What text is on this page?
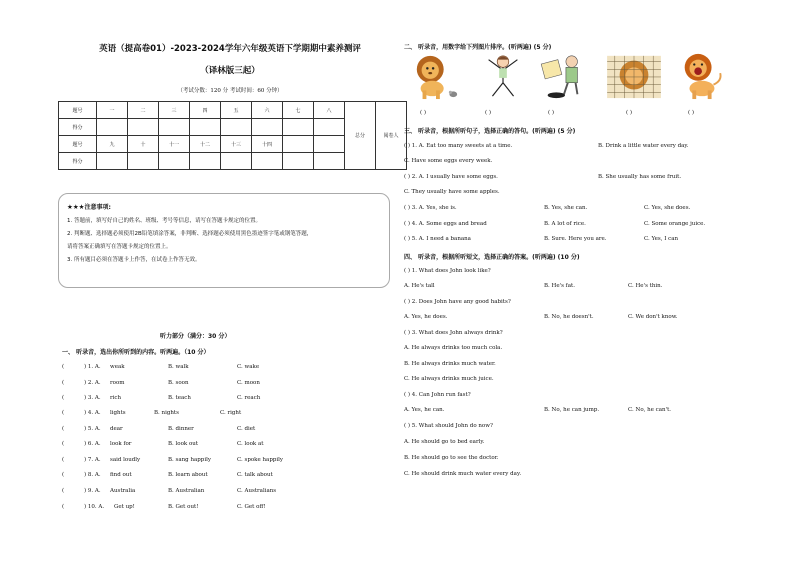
英语（提高卷01）-2023-2024学年六年级英语下学期期中素养测评
（译林版三起）
（考试分数：120 分 考试时间：60 分钟）
题号	一	二	三	四	五	六	七	八	总分	阅卷人
得分										
题号	九	十	十一	十二	十三	十四				
得分										
★★★注意事项:
1. 答题前，填写好自己的姓名、班级、考号等信息，请写在答题卡规定的位置。
2. 判断题、选择题必须使用2B铅笔填涂答案，非判断、选择题必须使用黑色墨迹签字笔或钢笔答题，
请将答案正确填写在答题卡规定的位置上。
3. 所有题目必须在答题卡上作答，在试卷上作答无效。
听力部分（满分：30 分）
一、 听录音，选出你所听到的内容。听两遍。（10 分）
(	) 1. A. weak	B. walk	C. wake
(	) 2. A. room	B. soon	C. moon
(	) 3. A. rich	B. teach	C. reach
(	) 4. A. lights	B. nights	C. right
(	) 5. A. dear	B. dinner	C. diet
(	) 6. A. look for	B. look out	C. look at
(	) 7. A. said loudly	B. sang happily	C. spoke happily
(	) 8. A. find out	B. learn about	C. talk about
(	) 9. A. Australia	B. Australian	C. Australians
(	) 10. A. Get up!	B. Get out!	C. Get off!
二、 听录音，用数字给下列图片排序。(听两遍) (5 分)
( )	( )	( )	( )	( )
三、 听录音，根据所听句子，选择正确的答句。(听两遍) (5 分)
( ) 1. A. Eat too many sweets at a time.	B. Drink a little water every day.
C. Have some eggs every week.
( ) 2. A. I usually have some eggs.	B. She usually has some fruit.
C. They usually have some apples.
( ) 3. A. Yes, she is.	B. Yes, she can.	C. Yes, she does.
( ) 4. A. Some eggs and bread	B. A lot of rice.	C. Some orange juice.
( ) 5. A. I need a banana	B. Sure. Here you are.	C. Yes, I can
四、 听录音，根据所听短文，选择正确的答案。(听两遍) (10 分)
( ) 1. What does John look like?
A. He's tall	B. He's fat.	C. He's thin.
( ) 2. Does John have any good habits?
A. Yes, he does.	B. No, he doesn't.	C. We don't know.
( ) 3. What does John always drink?
A. He always drinks too much cola.
B. He always drinks much water.
C. He always drinks much juice.
( ) 4. Can John run fast?
A. Yes, he can.	B. No, he can jump.	C. No, he can't.
( ) 5. What should John do now?
A. He should go to bed early.
B. He should go to see the doctor.
C. He should drink much water every day.
